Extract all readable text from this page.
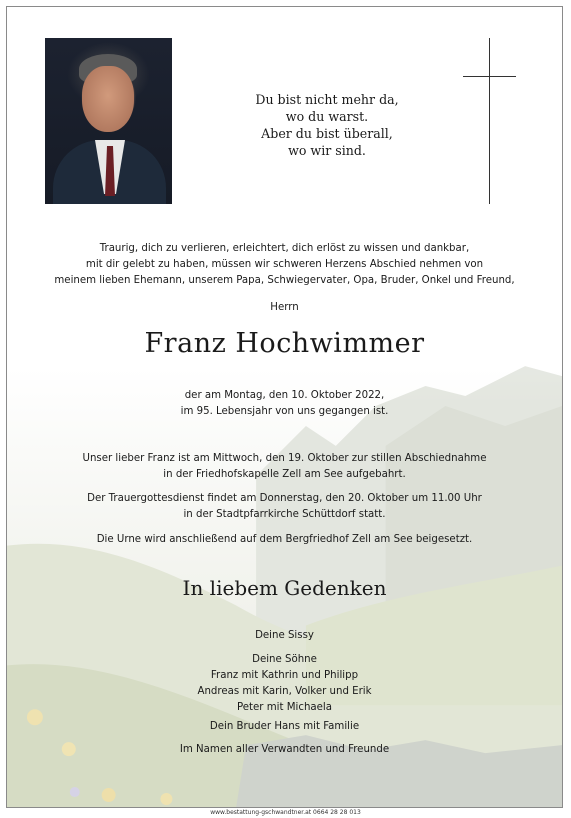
Du bist nicht mehr da,
wo du warst.
Aber du bist überall,
wo wir sind.
Traurig, dich zu verlieren, erleichtert, dich erlöst zu wissen und dankbar,
mit dir gelebt zu haben, müssen wir schweren Herzens Abschied nehmen von
meinem lieben Ehemann, unserem Papa, Schwiegervater, Opa, Bruder, Onkel und Freund,
Herrn
Franz Hochwimmer
der am Montag, den 10. Oktober 2022,
im 95. Lebensjahr von uns gegangen ist.
Unser lieber Franz ist am Mittwoch, den 19. Oktober zur stillen Abschiednahme
in der Friedhofskapelle Zell am See aufgebahrt.
Der Trauergottesdienst findet am Donnerstag, den 20. Oktober um 11.00 Uhr
in der Stadtpfarrkirche Schüttdorf statt.
Die Urne wird anschließend auf dem Bergfriedhof Zell am See beigesetzt.
In liebem Gedenken
Deine Sissy
Deine Söhne
Franz mit Kathrin und Philipp
Andreas mit Karin, Volker und Erik
Peter mit Michaela
Dein Bruder Hans mit Familie
Im Namen aller Verwandten und Freunde
www.bestattung-gschwandtner.at 0664 28 28 013
